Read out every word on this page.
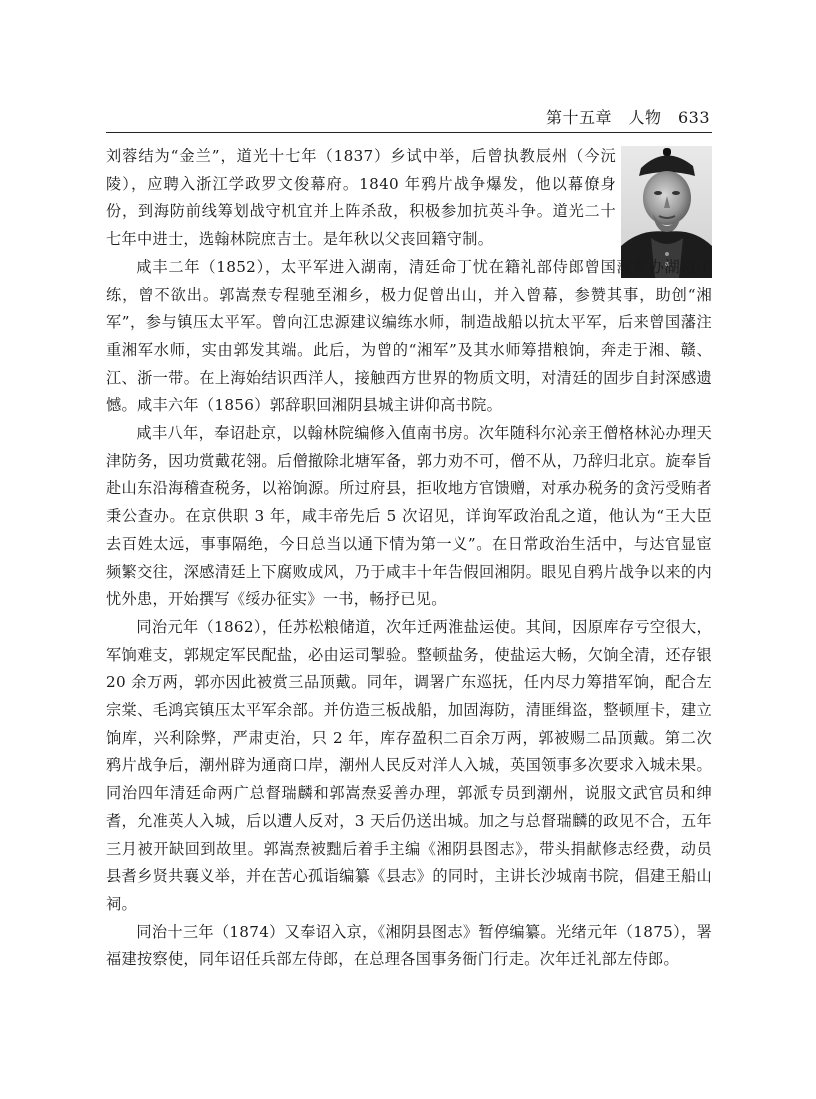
第十五章　人物　633

刘蓉结为“金兰”，道光十七年（1837）乡试中举，后曾执教辰州（今沅陵），应聘入浙江学政罗文俊幕府。1840 年鸦片战争爆发，他以幕僚身份，到海防前线筹划战守机宜并上阵杀敌，积极参加抗英斗争。道光二十七年中进士，选翰林院庶吉士。是年秋以父丧回籍守制。

咸丰二年（1852），太平军进入湖南，清廷命丁忧在籍礼部侍郎曾国藩帮办湖南团练，曾不欲出。郭嵩焘专程驰至湘乡，极力促曾出山，并入曾幕，参赞其事，助创“湘军”，参与镇压太平军。曾向江忠源建议编练水师，制造战船以抗太平军，后来曾国藩注重湘军水师，实由郭发其端。此后，为曾的“湘军”及其水师筹措粮饷，奔走于湘、赣、江、浙一带。在上海始结识西洋人，接触西方世界的物质文明，对清廷的固步自封深感遗憾。咸丰六年（1856）郭辞职回湘阴县城主讲仰高书院。

咸丰八年，奉诏赴京，以翰林院编修入值南书房。次年随科尔沁亲王僧格林沁办理天津防务，因功赏戴花翎。后僧撤除北塘军备，郭力劝不可，僧不从，乃辞归北京。旋奉旨赴山东沿海稽查税务，以裕饷源。所过府县，拒收地方官馈赠，对承办税务的贪污受贿者秉公查办。在京供职 3 年，咸丰帝先后 5 次诏见，详询军政治乱之道，他认为“王大臣去百姓太远，事事隔绝，今日总当以通下情为第一义”。在日常政治生活中，与达官显宦频繁交往，深感清廷上下腐败成风，乃于咸丰十年告假回湘阴。眼见自鸦片战争以来的内忧外患，开始撰写《绥办征实》一书，畅抒已见。

同治元年（1862），任苏松粮储道，次年迁两淮盐运使。其间，因原库存亏空很大，军饷难支，郭规定军民配盐，必由运司掣验。整顿盐务，使盐运大畅，欠饷全清，还存银 20 余万两，郭亦因此被赏三品顶戴。同年，调署广东巡抚，任内尽力筹措军饷，配合左宗棠、毛鸿宾镇压太平军余部。并仿造三板战船，加固海防，清匪缉盗，整顿厘卡，建立饷库，兴利除弊，严肃吏治，只 2 年，库存盈积二百余万两，郭被赐二品顶戴。第二次鸦片战争后，潮州辟为通商口岸，潮州人民反对洋人入城，英国领事多次要求入城未果。同治四年清廷命两广总督瑞麟和郭嵩焘妥善办理，郭派专员到潮州，说服文武官员和绅耆，允准英人入城，后以遭人反对，3 天后仍送出城。加之与总督瑞麟的政见不合，五年三月被开缺回到故里。郭嵩焘被黜后着手主编《湘阴县图志》，带头捐献修志经费，动员县耆乡贤共襄义举，并在苦心孤诣编纂《县志》的同时，主讲长沙城南书院，倡建王船山祠。

同治十三年（1874）又奉诏入京，《湘阴县图志》暂停编纂。光绪元年（1875），署福建按察使，同年诏任兵部左侍郎，在总理各国事务衙门行走。次年迁礼部左侍郎。
